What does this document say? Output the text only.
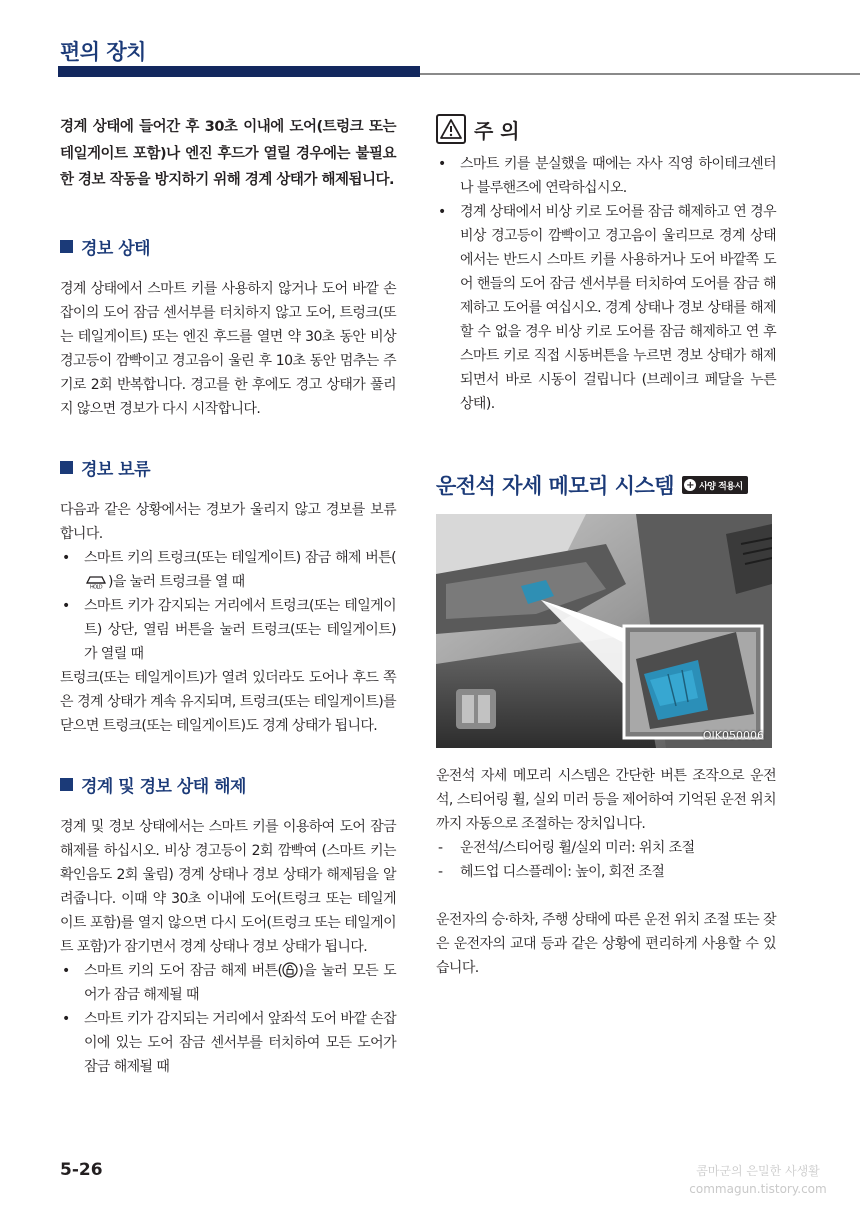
편의 장치

경계 상태에 들어간 후 30초 이내에 도어(트렁크 또는 테일게이트 포함)나 엔진 후드가 열릴 경우에는 불필요한 경보 작동을 방지하기 위해 경계 상태가 해제됩니다.

경보 상태

경계 상태에서 스마트 키를 사용하지 않거나 도어 바깥 손잡이의 도어 잠금 센서부를 터치하지 않고 도어, 트렁크(또는 테일게이트) 또는 엔진 후드를 열면 약 30초 동안 비상 경고등이 깜빡이고 경고음이 울린 후 10초 동안 멈추는 주기로 2회 반복합니다. 경고를 한 후에도 경고 상태가 풀리지 않으면 경보가 다시 시작합니다.

경보 보류

다음과 같은 상황에서는 경보가 울리지 않고 경보를 보류합니다.

• 스마트 키의 트렁크(또는 테일게이트) 잠금 해제 버튼(
HOLD )을 눌러 트렁크를 열 때
• 스마트 키가 감지되는 거리에서 트렁크(또는 테일게이트) 상단, 열림 버튼을 눌러 트렁크(또는 테일게이트)가 열릴 때

트렁크(또는 테일게이트)가 열려 있더라도 도어나 후드 쪽은 경계 상태가 계속 유지되며, 트렁크(또는 테일게이트)를 닫으면 트렁크(또는 테일게이트)도 경계 상태가 됩니다.

경계 및 경보 상태 해제

경계 및 경보 상태에서는 스마트 키를 이용하여 도어 잠금 해제를 하십시오. 비상 경고등이 2회 깜빡여 (스마트 키는 확인음도 2회 울림) 경계 상태나 경보 상태가 해제됨을 알려줍니다. 이때 약 30초 이내에 도어(트렁크 또는 테일게이트 포함)를 열지 않으면 다시 도어(트렁크 또는 테일게이트 포함)가 잠기면서 경계 상태나 경보 상태가 됩니다.

• 스마트 키의 도어 잠금 해제 버튼( )을 눌러 모든 도어가 잠금 해제될 때
• 스마트 키가 감지되는 거리에서 앞좌석 도어 바깥 손잡이에 있는 도어 잠금 센서부를 터치하여 모든 도어가 잠금 해제될 때
주 의
• 스마트 키를 분실했을 때에는 자사 직영 하이테크센터나 블루핸즈에 연락하십시오.
• 경계 상태에서 비상 키로 도어를 잠금 해제하고 연 경우 비상 경고등이 깜빡이고 경고음이 울리므로 경계 상태에서는 반드시 스마트 키를 사용하거나 도어 바깥쪽 도어 핸들의 도어 잠금 센서부를 터치하여 도어를 잠금 해제하고 도어를 여십시오. 경계 상태나 경보 상태를 해제할 수 없을 경우 비상 키로 도어를 잠금 해제하고 연 후 스마트 키로 직접 시동버튼을 누르면 경보 상태가 해제되면서 바로 시동이 걸립니다 (브레이크 페달을 누른 상태).
운전석 자세 메모리 시스템 + 사양 적용시
OIK050006

운전석 자세 메모리 시스템은 간단한 버튼 조작으로 운전석, 스티어링 휠, 실외 미러 등을 제어하여 기억된 운전 위치까지 자동으로 조절하는 장치입니다.

- 운전석/스티어링 휠/실외 미러: 위치 조절
- 헤드업 디스플레이: 높이, 회전 조절

운전자의 승·하차, 주행 상태에 따른 운전 위치 조절 또는 잦은 운전자의 교대 등과 같은 상황에 편리하게 사용할 수 있습니다.

5-26	콤마군의 은밀한 사생활
commagun.tistory.com
